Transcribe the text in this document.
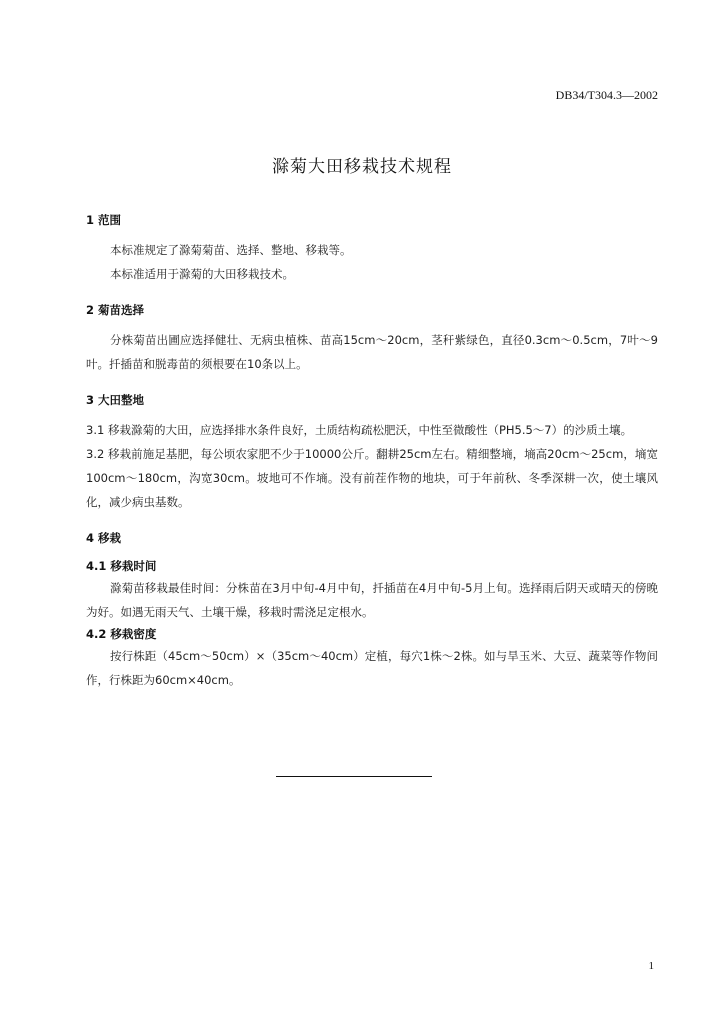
DB34/T304.3—2002
滁菊大田移栽技术规程

1 范围

本标准规定了滁菊菊苗、选择、整地、移栽等。

本标准适用于滁菊的大田移栽技术。

2 菊苗选择

分株菊苗出圃应选择健壮、无病虫植株、苗高15cm～20cm，茎秆紫绿色，直径0.3cm～0.5cm，7叶～9叶。扦插苗和脱毒苗的须根要在10条以上。

3 大田整地

3.1 移栽滁菊的大田，应选择排水条件良好，土质结构疏松肥沃，中性至微酸性（PH5.5～7）的沙质土壤。

3.2 移栽前施足基肥，每公顷农家肥不少于10000公斤。翻耕25cm左右。精细整墒，墒高20cm～25cm，墒宽100cm～180cm，沟宽30cm。坡地可不作墒。没有前茬作物的地块，可于年前秋、冬季深耕一次，使土壤风化，减少病虫基数。

4 移栽

4.1 移栽时间

滁菊苗移栽最佳时间：分株苗在3月中旬-4月中旬，扦插苗在4月中旬-5月上旬。选择雨后阴天或晴天的傍晚为好。如遇无雨天气、土壤干燥，移栽时需浇足定根水。

4.2 移栽密度

按行株距（45cm～50cm）×（35cm～40cm）定植，每穴1株～2株。如与旱玉米、大豆、蔬菜等作物间作，行株距为60cm×40cm。

1
